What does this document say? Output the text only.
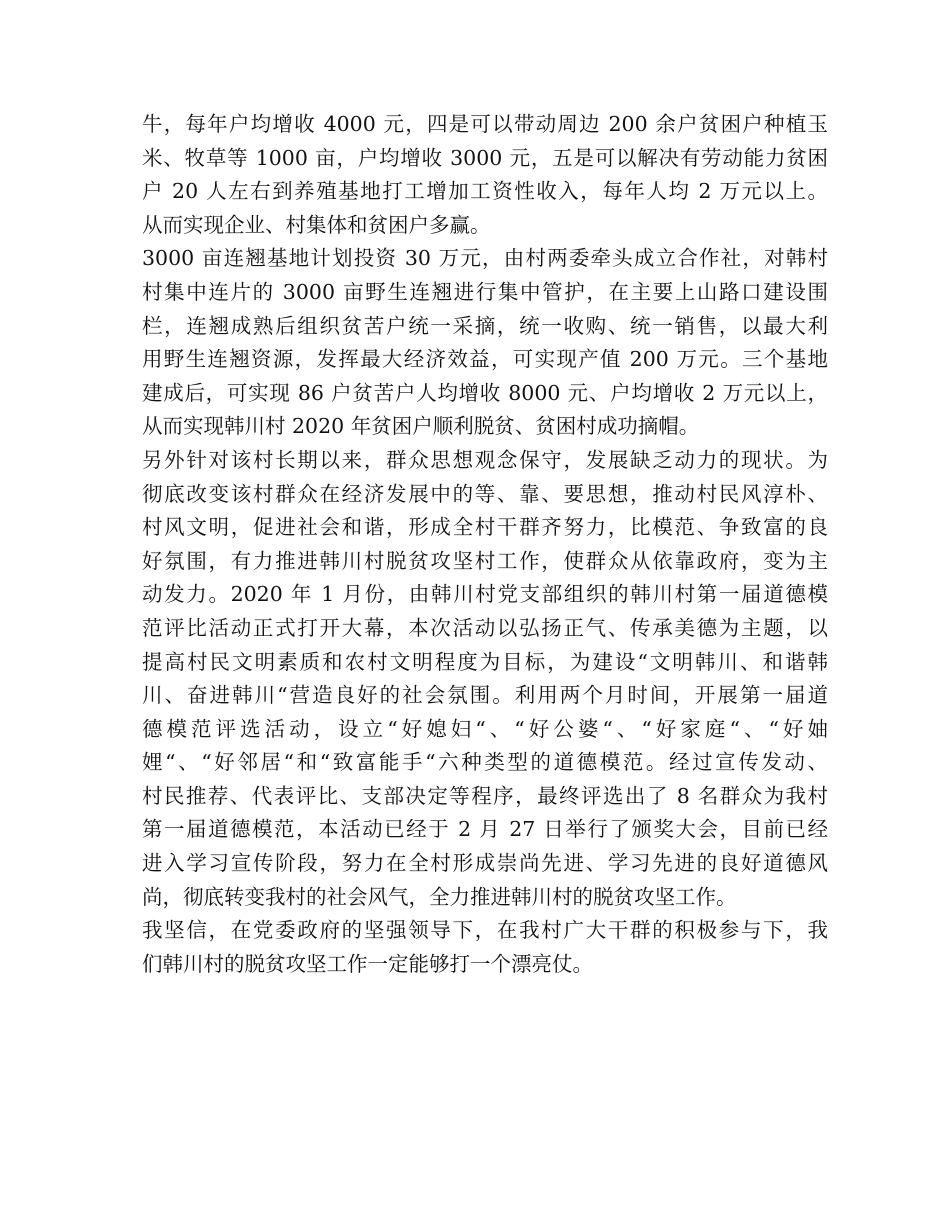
牛，每年户均增收 4000 元，四是可以带动周边 200 余户贫困户种植玉
米、牧草等 1000 亩，户均增收 3000 元，五是可以解决有劳动能力贫困
户 20 人左右到养殖基地打工增加工资性收入，每年人均 2 万元以上。
从而实现企业、村集体和贫困户多赢。

3000 亩连翘基地计划投资 30 万元，由村两委牵头成立合作社，对韩村
村集中连片的 3000 亩野生连翘进行集中管护，在主要上山路口建设围
栏，连翘成熟后组织贫苦户统一采摘，统一收购、统一销售，以最大利
用野生连翘资源，发挥最大经济效益，可实现产值 200 万元。三个基地
建成后，可实现 86 户贫苦户人均增收 8000 元、户均增收 2 万元以上，
从而实现韩川村 2020 年贫困户顺利脱贫、贫困村成功摘帽。

另外针对该村长期以来，群众思想观念保守，发展缺乏动力的现状。为
彻底改变该村群众在经济发展中的等、靠、要思想，推动村民风淳朴、
村风文明，促进社会和谐，形成全村干群齐努力，比模范、争致富的良
好氛围，有力推进韩川村脱贫攻坚村工作，使群众从依靠政府，变为主
动发力。2020 年 1 月份，由韩川村党支部组织的韩川村第一届道德模
范评比活动正式打开大幕，本次活动以弘扬正气、传承美德为主题，以
提高村民文明素质和农村文明程度为目标，为建设“文明韩川、和谐韩
川、奋进韩川“营造良好的社会氛围。利用两个月时间，开展第一届道
德模范评选活动，设立“好媳妇“、“好公婆“、“好家庭“、“好妯
娌“、“好邻居“和“致富能手“六种类型的道德模范。经过宣传发动、
村民推荐、代表评比、支部决定等程序，最终评选出了 8 名群众为我村
第一届道德模范，本活动已经于 2 月 27 日举行了颁奖大会，目前已经
进入学习宣传阶段，努力在全村形成崇尚先进、学习先进的良好道德风
尚，彻底转变我村的社会风气，全力推进韩川村的脱贫攻坚工作。

我坚信，在党委政府的坚强领导下，在我村广大干群的积极参与下，我
们韩川村的脱贫攻坚工作一定能够打一个漂亮仗。
